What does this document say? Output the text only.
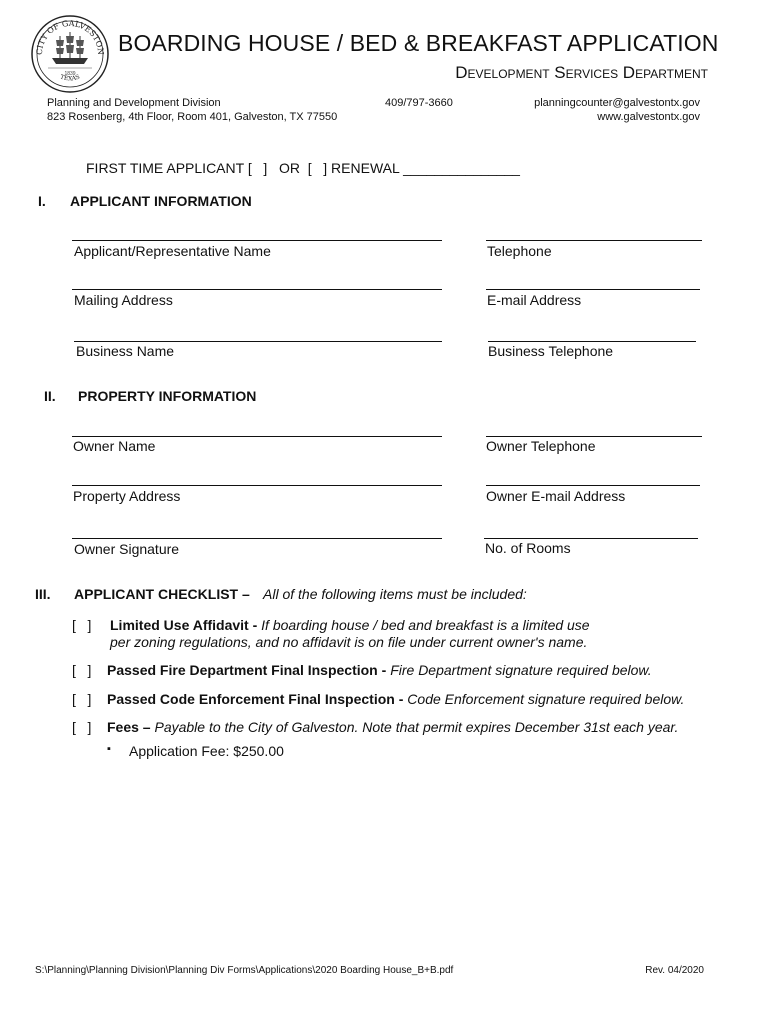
CITY OF GALVESTON
1839
TEXAS
BOARDING HOUSE / BED & BREAKFAST APPLICATION
Development Services Department
Planning and Development Division
823 Rosenberg, 4th Floor, Room 401, Galveston, TX 77550
409/797-3660	planningcounter@galvestontx.gov
www.galvestontx.gov
FIRST TIME APPLICANT [   ]   OR  [   ] RENEWAL _______________
I. APPLICANT INFORMATION
Applicant/Representative Name	Telephone
Mailing Address	E-mail Address
Business Name	Business Telephone
II. PROPERTY INFORMATION
Owner Name	Owner Telephone
Property Address	Owner E-mail Address
Owner Signature	No. of Rooms
III. APPLICANT CHECKLIST – All of the following items must be included:
[   ] Limited Use Affidavit - If boarding house / bed and breakfast is a limited use
per zoning regulations, and no affidavit is on file under current owner's name.
[   ] Passed Fire Department Final Inspection - Fire Department signature required below.
[   ] Passed Code Enforcement Final Inspection - Code Enforcement signature required below.
[   ] Fees – Payable to the City of Galveston. Note that permit expires December 31st each year.
▪ Application Fee: $250.00
S:\Planning\Planning Division\Planning Div Forms\Applications\2020 Boarding House_B+B.pdf	Rev. 04/2020
